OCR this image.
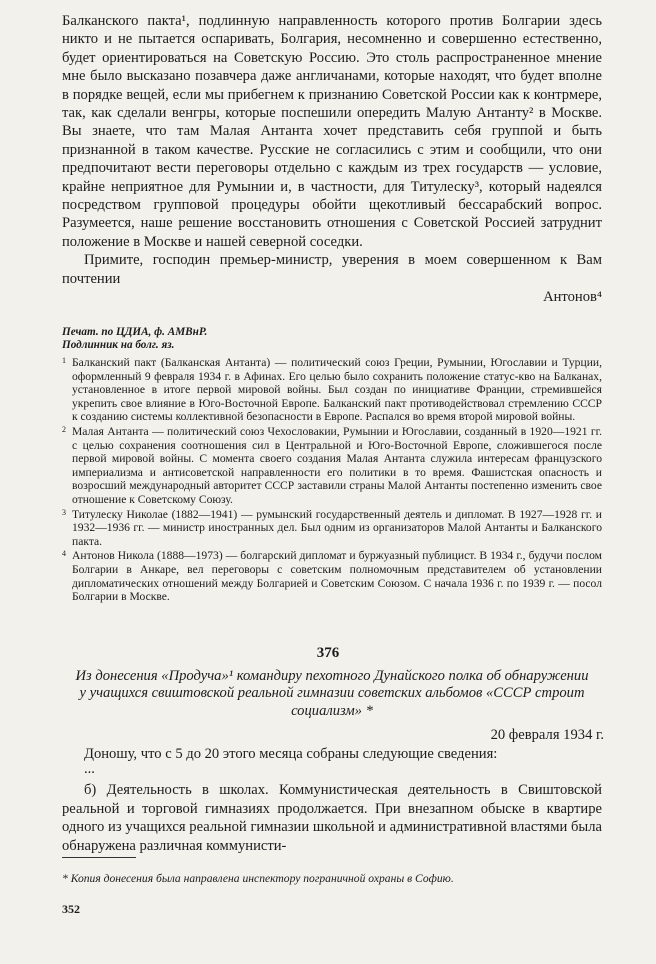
Балканского пакта¹, подлинную направленность которого против Болгарии здесь никто и не пытается оспаривать, Болгария, несомненно и совершенно естественно, будет ориентироваться на Советскую Россию. Это столь распространенное мнение мне было высказано позавчера даже англичанами, которые находят, что будет вполне в порядке вещей, если мы прибегнем к признанию Советской России как к контрмере, так, как сделали венгры, которые поспешили опередить Малую Антанту² в Москве. Вы знаете, что там Малая Антанта хочет представить себя группой и быть признанной в таком качестве. Русские не согласились с этим и сообщили, что они предпочитают вести переговоры отдельно с каждым из трех государств — условие, крайне неприятное для Румынии и, в частности, для Титулеску³, который надеялся посредством групповой процедуры обойти щекотливый бессарабский вопрос. Разумеется, наше решение восстановить отношения с Советской Россией затруднит положение в Москве и нашей северной соседки.

Примите, господин премьер-министр, уверения в моем совершенном к Вам почтении

Антонов⁴

Печат. по ЦДИА, ф. АМВнР.
Подлинник на болг. яз.
1 Балканский пакт (Балканская Антанта) — политический союз Греции, Румынии, Югославии и Турции, оформленный 9 февраля 1934 г. в Афинах. Его целью было сохранить положение статус-кво на Балканах, установленное в итоге первой мировой войны. Был создан по инициативе Франции, стремившейся укрепить свое влияние в Юго-Восточной Европе. Балканский пакт противодействовал стремлению СССР к созданию системы коллективной безопасности в Европе. Распался во время второй мировой войны.
2 Малая Антанта — политический союз Чехословакии, Румынии и Югославии, созданный в 1920—1921 гг. с целью сохранения соотношения сил в Центральной и Юго-Восточной Европе, сложившегося после первой мировой войны. С момента своего создания Малая Антанта служила интересам французского империализма и антисоветской направленности его политики в то время. Фашистская опасность и возросший международный авторитет СССР заставили страны Малой Антанты постепенно изменить свое отношение к Советскому Союзу.
3 Титулеску Николае (1882—1941) — румынский государственный деятель и дипломат. В 1927—1928 гг. и 1932—1936 гг. — министр иностранных дел. Был одним из организаторов Малой Антанты и Балканского пакта.
4 Антонов Никола (1888—1973) — болгарский дипломат и буржуазный публицист. В 1934 г., будучи послом Болгарии в Анкаре, вел переговоры с советским полномочным представителем об установлении дипломатических отношений между Болгарией и Советским Союзом. С начала 1936 г. по 1939 г. — посол Болгарии в Москве.
376
Из донесения «Продуча»¹ командиру пехотного Дунайского полка об обнаружении у учащихся свиштовской реальной гимназии советских альбомов «СССР строит социализм» *
20 февраля 1934 г.

Доношу, что с 5 до 20 этого месяца собраны следующие сведения:

...

б) Деятельность в школах. Коммунистическая деятельность в Свиштовской реальной и торговой гимназиях продолжается. При внезапном обыске в квартире одного из учащихся реальной гимназии школьной и административной властями была обнаружена различная коммунисти-

* Копия донесения была направлена инспектору пограничной охраны в Софию.
352
